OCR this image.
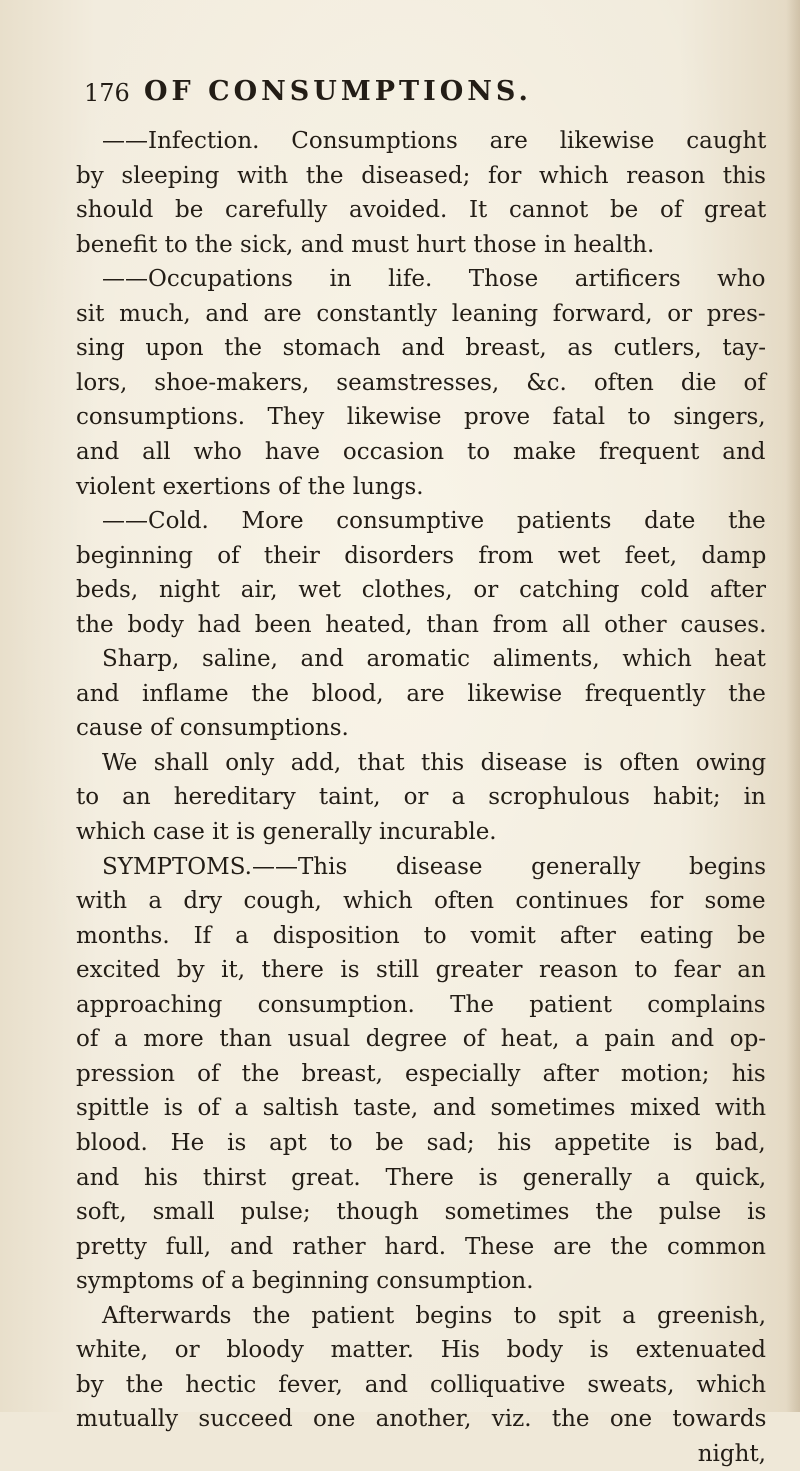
176 OF CONSUMPTIONS.
——Infection. Consumptions are likewise caught
by sleeping with the diseased; for which reason this
should be carefully avoided. It cannot be of great
benefit to the sick, and must hurt those in health.
——Occupations in life. Those artificers who
sit much, and are constantly leaning forward, or pres-
sing upon the stomach and breast, as cutlers, tay-
lors, shoe-makers, seamstresses, &c. often die of
consumptions. They likewise prove fatal to singers,
and all who have occasion to make frequent and
violent exertions of the lungs.
——Cold. More consumptive patients date the
beginning of their disorders from wet feet, damp
beds, night air, wet clothes, or catching cold after
the body had been heated, than from all other causes.
Sharp, saline, and aromatic aliments, which heat
and inflame the blood, are likewise frequently the
cause of consumptions.
We shall only add, that this disease is often owing
to an hereditary taint, or a scrophulous habit; in
which case it is generally incurable.
SYMPTOMS.——This disease generally begins
with a dry cough, which often continues for some
months. If a disposition to vomit after eating be
excited by it, there is still greater reason to fear an
approaching consumption. The patient complains
of a more than usual degree of heat, a pain and op-
pression of the breast, especially after motion; his
spittle is of a saltish taste, and sometimes mixed with
blood. He is apt to be sad; his appetite is bad,
and his thirst great. There is generally a quick,
soft, small pulse; though sometimes the pulse is
pretty full, and rather hard. These are the common
symptoms of a beginning consumption.
Afterwards the patient begins to spit a greenish,
white, or bloody matter. His body is extenuated
by the hectic fever, and colliquative sweats, which
mutually succeed one another, viz. the one towards
night,
